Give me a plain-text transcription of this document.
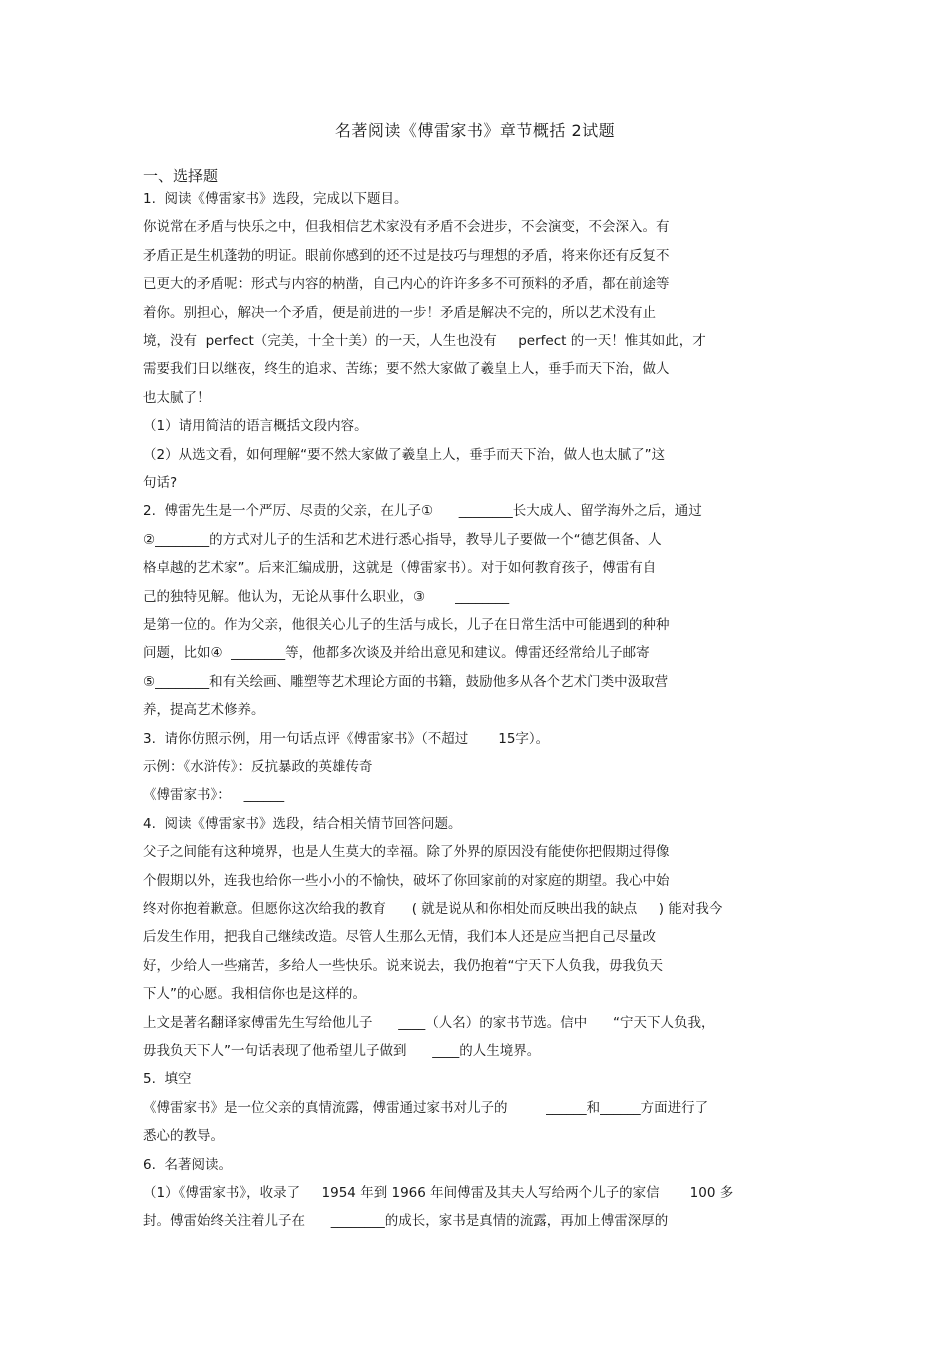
名著阅读《傅雷家书》章节概括 2试题
一、选择题
1.  阅读《傅雷家书》选段，完成以下题目。
你说常在矛盾与快乐之中，但我相信艺术家没有矛盾不会进步，不会演变，不会深入。有
矛盾正是生机蓬勃的明证。眼前你感到的还不过是技巧与理想的矛盾，将来你还有反复不
已更大的矛盾呢：形式与内容的枘凿，自己内心的许许多多不可预料的矛盾，都在前途等
着你。别担心，解决一个矛盾，便是前进的一步！矛盾是解决不完的，所以艺术没有止
境，没有  perfect（完美，十全十美）的一天，人生也没有     perfect 的一天！惟其如此，才
需要我们日以继夜，终生的追求、苦练；要不然大家做了羲皇上人，垂手而天下治，做人
也太腻了！
（1）请用简洁的语言概括文段内容。
（2）从选文看，如何理解“要不然大家做了羲皇上人，垂手而天下治，做人也太腻了”这
句话?
2.  傅雷先生是一个严厉、尽责的父亲，在儿子①      ________长大成人、留学海外之后，通过
②________的方式对儿子的生活和艺术进行悉心指导，教导儿子要做一个“德艺俱备、人
格卓越的艺术家”。后来汇编成册，这就是（傅雷家书）。对于如何教育孩子，傅雷有自
己的独特见解。他认为，无论从事什么职业，③       ________
是第一位的。作为父亲，他很关心儿子的生活与成长，儿子在日常生活中可能遇到的种种
问题，比如④  ________等，他都多次谈及并给出意见和建议。傅雷还经常给儿子邮寄
⑤________和有关绘画、雕塑等艺术理论方面的书籍，鼓励他多从各个艺术门类中汲取营
养，提高艺术修养。
3.  请你仿照示例，用一句话点评《傅雷家书》（不超过       15字）。
示例：《水浒传》：反抗暴政的英雄传奇
《傅雷家书》：   ______
4.  阅读《傅雷家书》选段，结合相关情节回答问题。
父子之间能有这种境界，也是人生莫大的幸福。除了外界的原因没有能使你把假期过得像
个假期以外，连我也给你一些小小的不愉快，破坏了你回家前的对家庭的期望。我心中始
终对你抱着歉意。但愿你这次给我的教育      ( 就是说从和你相处而反映出我的缺点     ) 能对我今
后发生作用，把我自己继续改造。尽管人生那么无情，我们本人还是应当把自己尽量改
好，少给人一些痛苦，多给人一些快乐。说来说去，我仍抱着“宁天下人负我，毋我负天
下人”的心愿。我相信你也是这样的。
上文是著名翻译家傅雷先生写给他儿子      ____（人名）的家书节选。信中      “宁天下人负我，
毋我负天下人”一句话表现了他希望儿子做到      ____的人生境界。
5.  填空
《傅雷家书》是一位父亲的真情流露，傅雷通过家书对儿子的         ______和______方面进行了
悉心的教导。
6.  名著阅读。
（1）《傅雷家书》，收录了     1954 年到 1966 年间傅雷及其夫人写给两个儿子的家信       100 多
封。傅雷始终关注着儿子在      ________的成长，家书是真情的流露，再加上傅雷深厚的
